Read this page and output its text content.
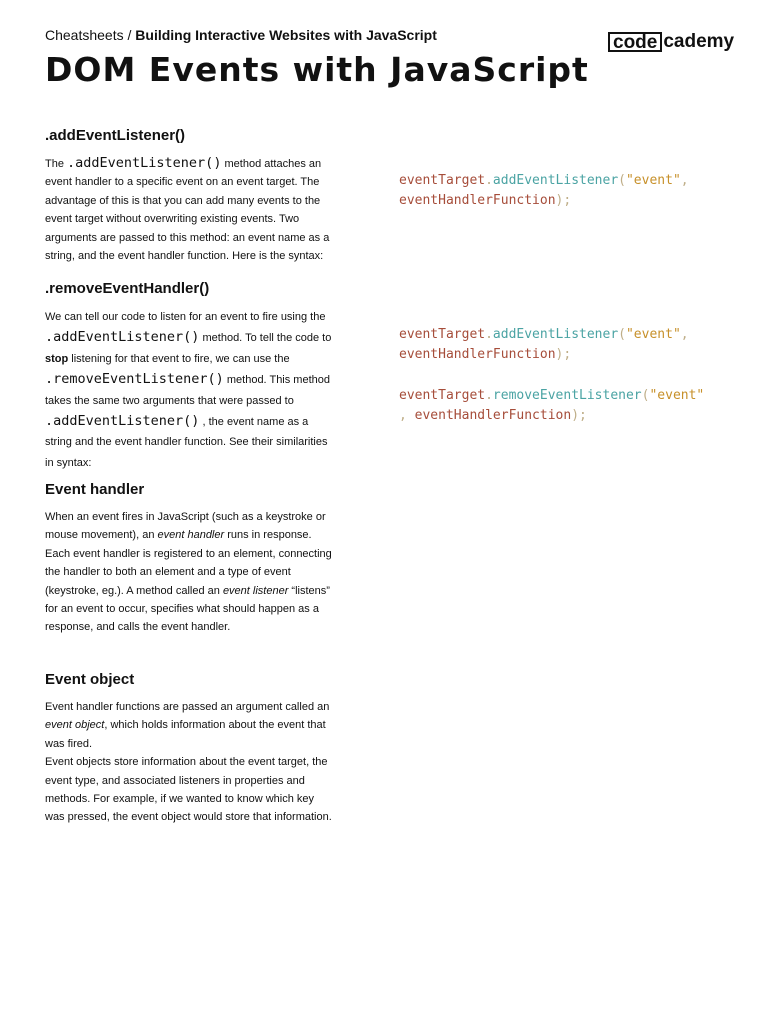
Cheatsheets / Building Interactive Websites with JavaScript	code cademy
DOM Events with JavaScript
.addEventListener()

The .addEventListener() method attaches an event handler to a specific event on an event target. The advantage of this is that you can add many events to the event target without overwriting existing events. Two arguments are passed to this method: an event name as a string, and the event handler function. Here is the syntax:

.removeEventHandler()

We can tell our code to listen for an event to fire using the .addEventListener() method. To tell the code to stop listening for that event to fire, we can use the .removeEventListener() method. This method takes the same two arguments that were passed to .addEventListener() , the event name as a string and the event handler function. See their similarities in syntax:

Event handler

When an event fires in JavaScript (such as a keystroke or mouse movement), an event handler runs in response. Each event handler is registered to an element, connecting the handler to both an element and a type of event (keystroke, eg.). A method called an event listener “listens” for an event to occur, specifies what should happen as a response, and calls the event handler.

Event object

Event handler functions are passed an argument called an event object, which holds information about the event that was fired.

Event objects store information about the event target, the event type, and associated listeners in properties and methods. For example, if we wanted to know which key was pressed, the event object would store that information.

eventTarget.addEventListener("event",
eventHandlerFunction);
eventTarget.addEventListener("event",
eventHandlerFunction);
eventTarget.removeEventListener("event"
, eventHandlerFunction);
